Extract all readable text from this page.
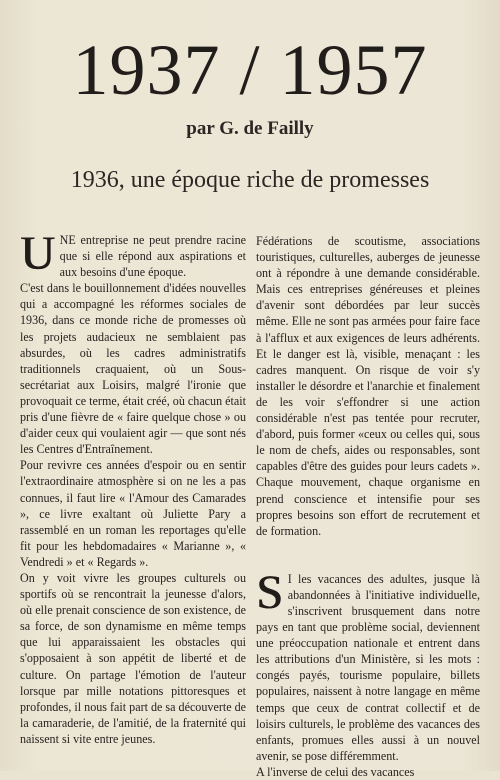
1937 / 1957
par G. de Failly
1936, une époque riche de promesses

UNE entreprise ne peut prendre racine que si elle répond aux aspirations et aux besoins d'une époque.

C'est dans le bouillonnement d'idées nouvelles qui a accompagné les réformes sociales de 1936, dans ce monde riche de promesses où les projets audacieux ne semblaient pas absurdes, où les cadres administratifs traditionnels craquaient, où un Sous-secrétariat aux Loisirs, malgré l'ironie que provoquait ce terme, était créé, où chacun était pris d'une fièvre de « faire quelque chose » ou d'aider ceux qui voulaient agir — que sont nés les Centres d'Entraînement.

Pour revivre ces années d'espoir ou en sentir l'extraordinaire atmosphère si on ne les a pas connues, il faut lire « l'Amour des Camarades », ce livre exaltant où Juliette Pary a rassemblé en un roman les reportages qu'elle fit pour les hebdomadaires « Marianne », « Vendredi » et « Regards ».

On y voit vivre les groupes culturels ou sportifs où se rencontrait la jeunesse d'alors, où elle prenait conscience de son existence, de sa force, de son dynamisme en même temps que lui apparaissaient les obstacles qui s'opposaient à son appétit de liberté et de culture. On partage l'émotion de l'auteur lorsque par mille notations pittoresques et profondes, il nous fait part de sa découverte de la camaraderie, de l'amitié, de la fraternité qui naissent si vite entre jeunes.

Fédérations de scoutisme, associations touristiques, culturelles, auberges de jeunesse ont à répondre à une demande considérable. Mais ces entreprises généreuses et pleines d'avenir sont débordées par leur succès même. Elle ne sont pas armées pour faire face à l'afflux et aux exigences de leurs adhérents. Et le danger est là, visible, menaçant : les cadres manquent. On risque de voir s'y installer le désordre et l'anarchie et finalement de les voir s'effondrer si une action considérable n'est pas tentée pour recruter, d'abord, puis former «ceux ou celles qui, sous le nom de chefs, aides ou responsables, sont capables d'être des guides pour leurs cadets ». Chaque mouvement, chaque organisme en prend conscience et intensifie pour ses propres besoins son effort de recrutement et de formation.

S I les vacances des adultes, jusque là abandonnées à l'initiative individuelle, s'inscrivent brusquement dans notre pays en tant que problème social, deviennent une préoccupation nationale et entrent dans les attributions d'un Ministère, si les mots : congés payés, tourisme populaire, billets populaires, naissent à notre langage en même temps que ceux de contrat collectif et de loisirs culturels, le problème des vacances des enfants, promues elles aussi à un nouvel avenir, se pose différemment.

A l'inverse de celui des vacances
